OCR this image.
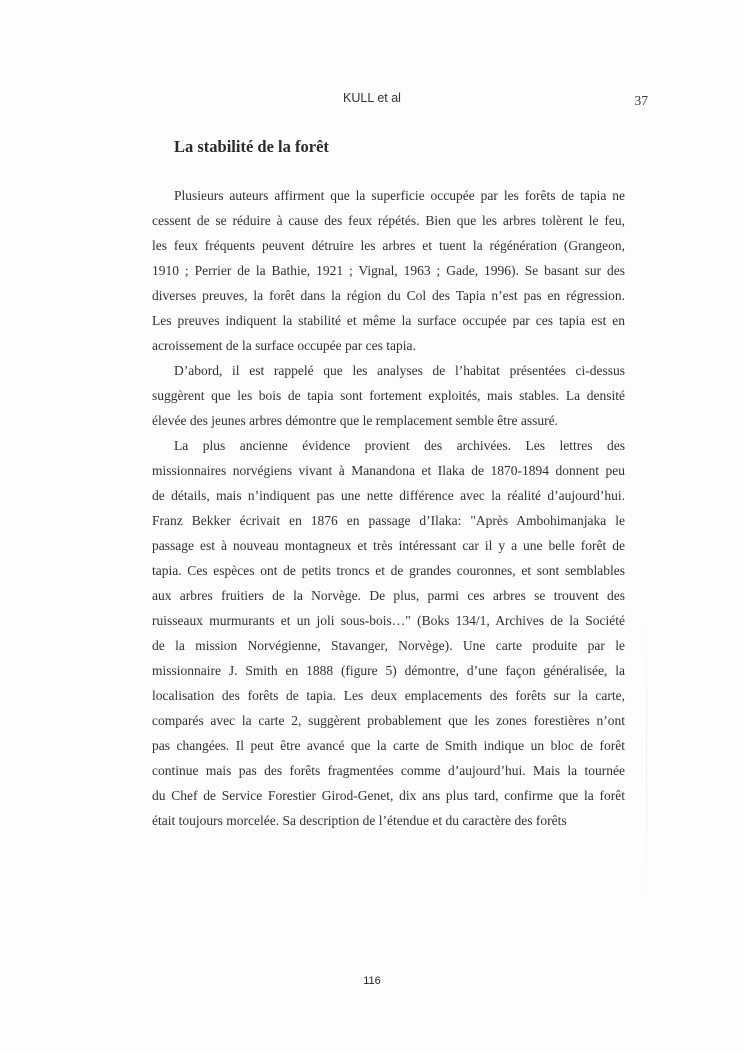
KULL et al	37
La stabilité de la forêt
Plusieurs auteurs affirment que la superficie occupée par les forêts de tapia ne
cessent de se réduire à cause des feux répétés. Bien que les arbres tolèrent le feu,
les feux fréquents peuvent détruire les arbres et tuent la régénération (Grangeon,
1910 ; Perrier de la Bathie, 1921 ; Vignal, 1963 ; Gade, 1996). Se basant sur des
diverses preuves, la forêt dans la région du Col des Tapia n’est pas en régression.
Les preuves indiquent la stabilité et même la surface occupée par ces tapia est en
acroissement de la surface occupée par ces tapia.
D’abord, il est rappelé que les analyses de l’habitat présentées ci-dessus
suggèrent que les bois de tapia sont fortement exploités, mais stables. La densité
élevée des jeunes arbres démontre que le remplacement semble être assuré.
La plus ancienne évidence provient des archivées. Les lettres des
missionnaires norvégiens vivant à Manandona et Ilaka de 1870-1894 donnent peu
de détails, mais n’indiquent pas une nette différence avec la réalité d’aujourd’hui.
Franz Bekker écrivait en 1876 en passage d’Ilaka: "Après Ambohimanjaka le
passage est à nouveau montagneux et très intéressant car il y a une belle forêt de
tapia. Ces espèces ont de petits troncs et de grandes couronnes, et sont semblables
aux arbres fruitiers de la Norvège. De plus, parmi ces arbres se trouvent des
ruisseaux murmurants et un joli sous-bois…" (Boks 134/1, Archives de la Société
de la mission Norvégienne, Stavanger, Norvège). Une carte produite par le
missionnaire J. Smith en 1888 (figure 5) démontre, d’une façon généralisée, la
localisation des forêts de tapia. Les deux emplacements des forêts sur la carte,
comparés avec la carte 2, suggèrent probablement que les zones forestières n’ont
pas changées. Il peut être avancé que la carte de Smith indique un bloc de forêt
continue mais pas des forêts fragmentées comme d’aujourd’hui. Mais la tournée
du Chef de Service Forestier Girod-Genet, dix ans plus tard, confirme que la forêt
était toujours morcelée. Sa description de l’étendue et du caractère des forêts
116
